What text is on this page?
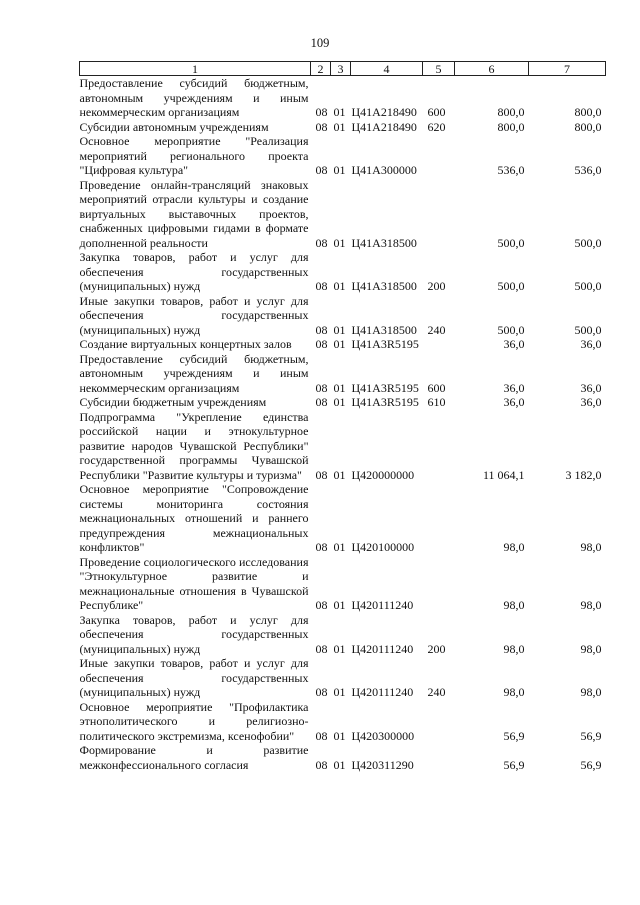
109
1	2	3	4	5	6	7
Предоставление субсидий бюджетным, автономным учреждениям и иным некоммерческим организациям	08	01	Ц41А218490	600	800,0	800,0
Субсидии автономным учреждениям	08	01	Ц41А218490	620	800,0	800,0
Основное мероприятие "Реализация мероприятий регионального проекта "Цифровая культура"	08	01	Ц41А300000		536,0	536,0
Проведение онлайн-трансляций знаковых мероприятий отрасли культуры и создание виртуальных выставочных проектов, снабженных цифровыми гидами в формате дополненной реальности	08	01	Ц41А318500		500,0	500,0
Закупка товаров, работ и услуг для обеспечения государственных (муниципальных) нужд	08	01	Ц41А318500	200	500,0	500,0
Иные закупки товаров, работ и услуг для обеспечения государственных (муниципальных) нужд	08	01	Ц41А318500	240	500,0	500,0
Создание виртуальных концертных залов	08	01	Ц41А3R5195		36,0	36,0
Предоставление субсидий бюджетным, автономным учреждениям и иным некоммерческим организациям	08	01	Ц41А3R5195	600	36,0	36,0
Субсидии бюджетным учреждениям	08	01	Ц41А3R5195	610	36,0	36,0
Подпрограмма "Укрепление единства российской нации и этнокультурное развитие народов Чувашской Республики" государственной программы Чувашской Республики "Развитие культуры и туризма"	08	01	Ц420000000		11 064,1	3 182,0
Основное мероприятие "Сопровождение системы мониторинга состояния межнациональных отношений и раннего предупреждения межнациональных конфликтов"	08	01	Ц420100000		98,0	98,0
Проведение социологического исследования "Этнокультурное развитие и межнациональные отношения в Чувашской Республике"	08	01	Ц420111240		98,0	98,0
Закупка товаров, работ и услуг для обеспечения государственных (муниципальных) нужд	08	01	Ц420111240	200	98,0	98,0
Иные закупки товаров, работ и услуг для обеспечения государственных (муниципальных) нужд	08	01	Ц420111240	240	98,0	98,0
Основное мероприятие "Профилактика этнополитического и религиозно-политического экстремизма, ксенофобии"	08	01	Ц420300000		56,9	56,9
Формирование и развитие межконфессионального согласия	08	01	Ц420311290		56,9	56,9
